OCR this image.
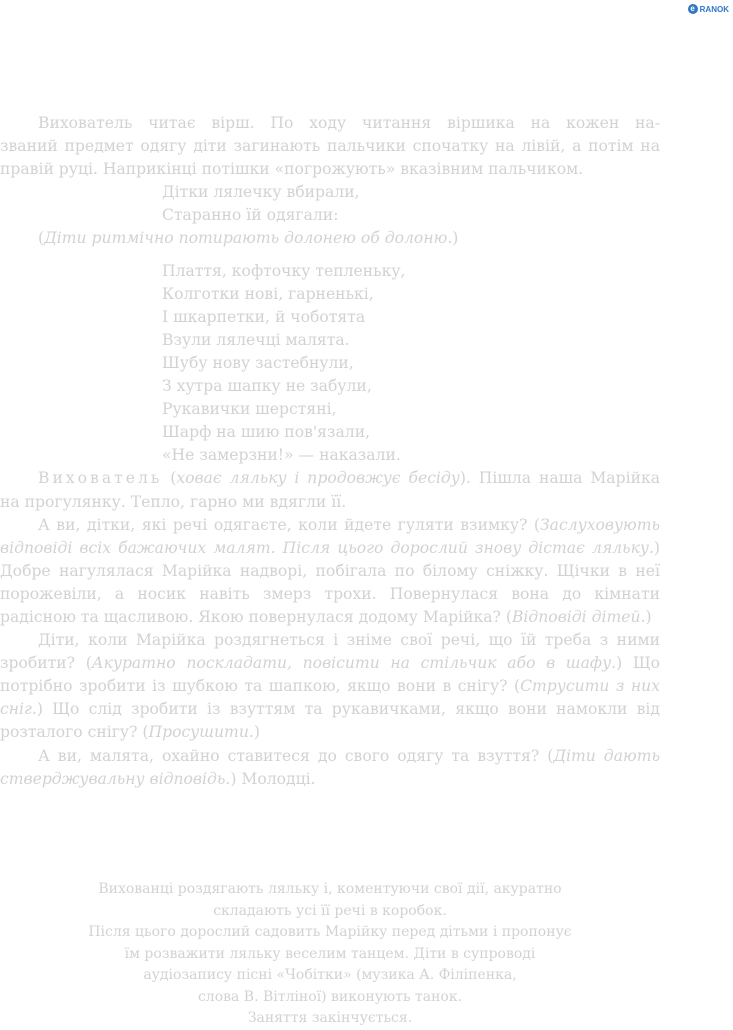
e RANOK

Вихователь читає вірш. По ходу читання віршика на кожен на-

званий предмет одягу діти загинають пальчики спочатку на лівій, а потім на правій руці. Наприкінці потішки «погрожують» вказівним пальчиком.

Дітки лялечку вбирали,
Старанно їй одягали:
(Діти ритмічно потирають долонею об долоню.)
Плаття, кофточку тепленьку,
Колготки нові, гарненькі,
І шкарпетки, й чоботята
Взули лялечці малята.
Шубу нову застебнули,
З хутра шапку не забули,
Рукавички шерстяні,
Шарф на шию пов'язали,
«Не замерзни!» — наказали.

Вихователь (ховає ляльку і продовжує бесіду). Пішла наша Марійка на прогулянку. Тепло, гарно ми вдягли її.

А ви, дітки, які речі одягаєте, коли йдете гуляти взимку? (Заслуховують відповіді всіх бажаючих малят. Після цього дорослий знову дістає ляльку.) Добре нагулялася Марійка надворі, побігала по білому сніжку. Щічки в неї порожевіли, а носик навіть змерз трохи. Повернулася вона до кімнати радісною та щасливою. Якою повернулася додому Марійка? (Відповіді дітей.)

Діти, коли Марійка роздягнеться і зніме свої речі, що їй треба з ними зробити? (Акуратно поскладати, повісити на стільчик або в шафу.) Що потрібно зробити із шубкою та шапкою, якщо вони в снігу? (Струсити з них сніг.) Що слід зробити із взуттям та рукавичками, якщо вони намокли від розталого снігу? (Просушити.)

А ви, малята, охайно ставитеся до свого одягу та взуття? (Діти дають стверджувальну відповідь.) Молодці.

Вихованці роздягають ляльку і, коментуючи свої дії, акуратно
складають усі її речі в коробок.
Після цього дорослий садовить Марійку перед дітьми і пропонує
їм розважити ляльку веселим танцем. Діти в супроводі
аудіозапису пісні «Чобітки» (музика А. Філіпенка,
слова В. Вітліної) виконують танок.
Заняття закінчується.
